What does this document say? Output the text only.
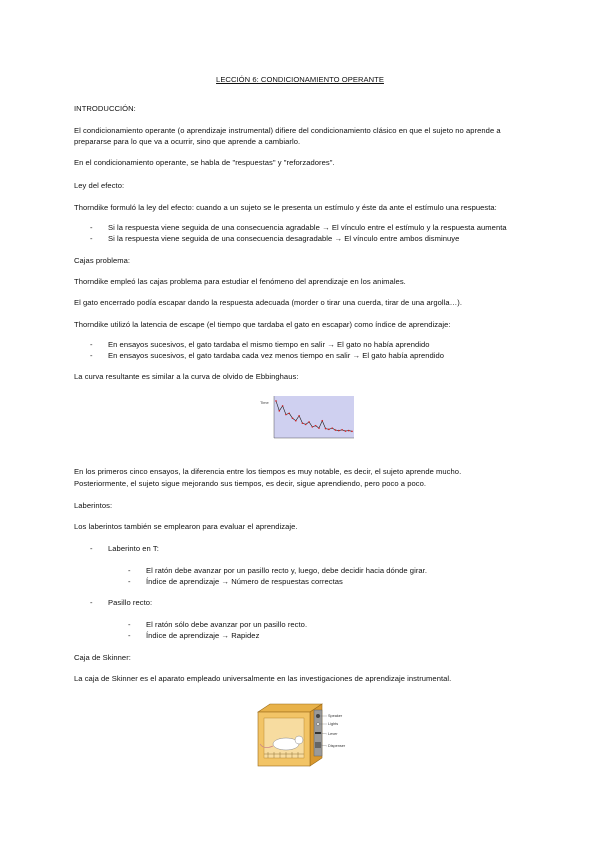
LECCIÓN 6: CONDICIONAMIENTO OPERANTE
INTRODUCCIÓN:
El condicionamiento operante (o aprendizaje instrumental) difiere del condicionamiento clásico en que el sujeto no aprende a
prepararse para lo que va a ocurrir, sino que aprende a cambiarlo.
En el condicionamiento operante, se habla de "respuestas" y "reforzadores".
Ley del efecto:
Thorndike formuló la ley del efecto: cuando a un sujeto se le presenta un estímulo y éste da ante el estímulo una respuesta:
- Si la respuesta viene seguida de una consecuencia agradable → El vínculo entre el estímulo y la respuesta aumenta
- Si la respuesta viene seguida de una consecuencia desagradable → El vínculo entre ambos disminuye
Cajas problema:
Thorndike empleó las cajas problema para estudiar el fenómeno del aprendizaje en los animales.
El gato encerrado podía escapar dando la respuesta adecuada (morder o tirar una cuerda, tirar de una argolla…).
Thorndike utilizó la latencia de escape (el tiempo que tardaba el gato en escapar) como índice de aprendizaje:
- En ensayos sucesivos, el gato tardaba el mismo tiempo en salir → El gato no había aprendido
- En ensayos sucesivos, el gato tardaba cada vez menos tiempo en salir → El gato había aprendido
La curva resultante es similar a la curva de olvido de Ebbinghaus:
Time
En los primeros cinco ensayos, la diferencia entre los tiempos es muy notable, es decir, el sujeto aprende mucho.
Posteriormente, el sujeto sigue mejorando sus tiempos, es decir, sigue aprendiendo, pero poco a poco.
Laberintos:
Los laberintos también se emplearon para evaluar el aprendizaje.
- Laberinto en T:
- El ratón debe avanzar por un pasillo recto y, luego, debe decidir hacia dónde girar.
- Índice de aprendizaje → Número de respuestas correctas
- Pasillo recto:
- El ratón sólo debe avanzar por un pasillo recto.
- Índice de aprendizaje → Rapidez
Caja de Skinner:
La caja de Skinner es el aparato empleado universalmente en las investigaciones de aprendizaje instrumental.
Speaker
Lights
Lever
Dispenser
